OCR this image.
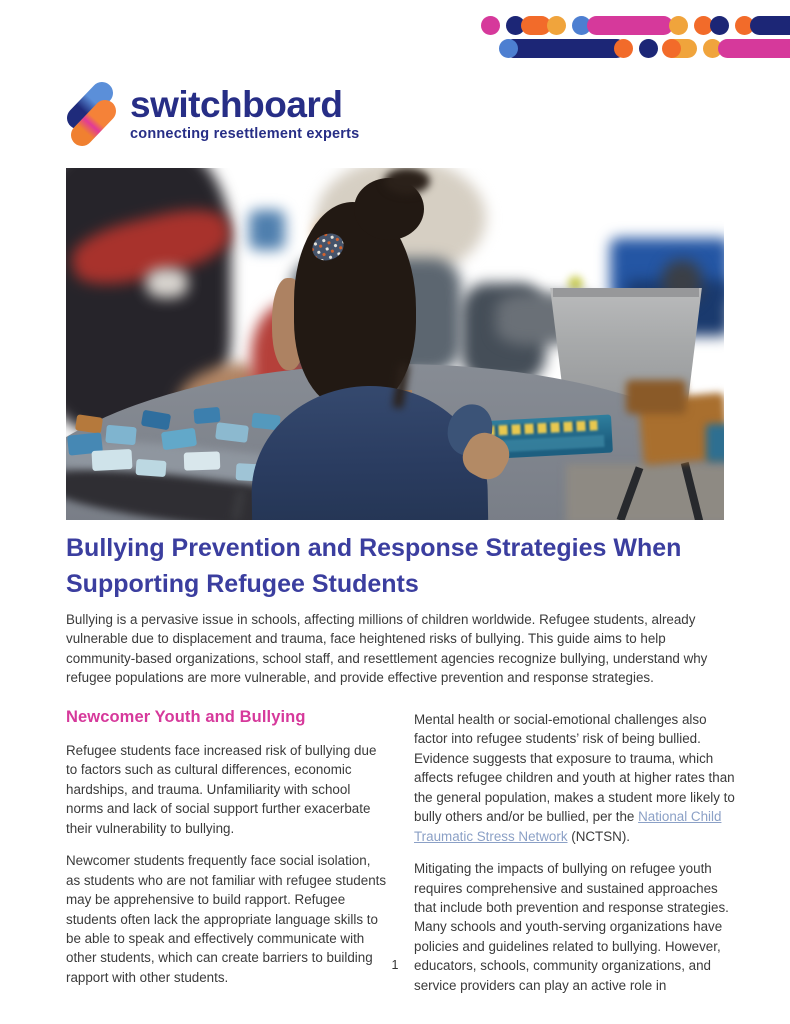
switchboard
connecting resettlement experts
Bullying Prevention and Response Strategies When Supporting Refugee Students

Bullying is a pervasive issue in schools, affecting millions of children worldwide. Refugee students, already vulnerable due to displacement and trauma, face heightened risks of bullying. This guide aims to help community-based organizations, school staff, and resettlement agencies recognize bullying, understand why refugee populations are more vulnerable, and provide effective prevention and response strategies.

Newcomer Youth and Bullying

Refugee students face increased risk of bullying due to factors such as cultural differences, economic hardships, and trauma. Unfamiliarity with school norms and lack of social support further exacerbate their vulnerability to bullying.

Newcomer students frequently face social isolation, as students who are not familiar with refugee students may be apprehensive to build rapport. Refugee students often lack the appropriate language skills to be able to speak and effectively communicate with other students, which can create barriers to building rapport with other students.

Mental health or social-emotional challenges also factor into refugee students’ risk of being bullied. Evidence suggests that exposure to trauma, which affects refugee children and youth at higher rates than the general population, makes a student more likely to bully others and/or be bullied, per the National Child Traumatic Stress Network (NCTSN).

Mitigating the impacts of bullying on refugee youth requires comprehensive and sustained approaches that include both prevention and response strategies. Many schools and youth-serving organizations have policies and guidelines related to bullying. However, educators, schools, community organizations, and service providers can play an active role in

1
